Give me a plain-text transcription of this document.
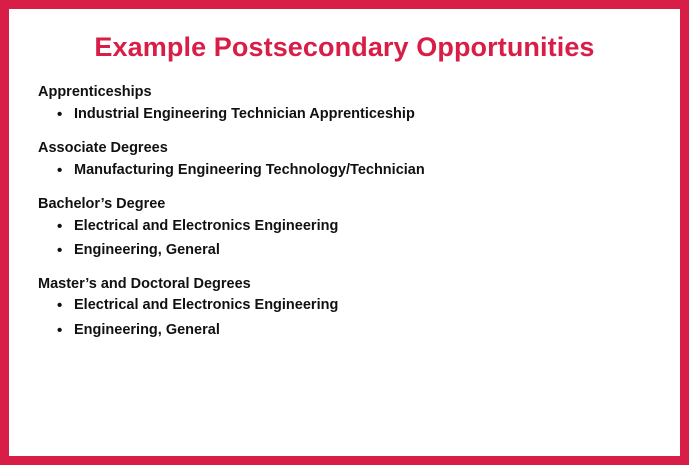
Example Postsecondary Opportunities
Apprenticeships
• Industrial Engineering Technician Apprenticeship
Associate Degrees
• Manufacturing Engineering Technology/Technician
Bachelor’s Degree
• Electrical and Electronics Engineering
• Engineering, General
Master’s and Doctoral Degrees
• Electrical and Electronics Engineering
• Engineering, General
